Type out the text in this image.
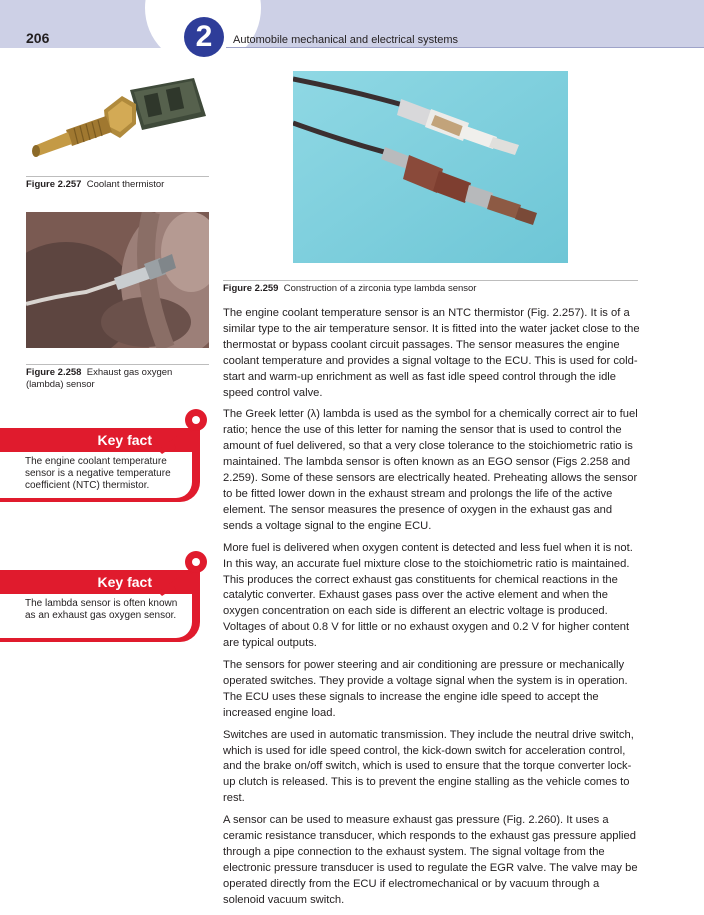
2
206	Automobile mechanical and electrical systems
Figure 2.257 Coolant thermistor
Figure 2.258 Exhaust gas oxygen (lambda) sensor
Figure 2.259 Construction of a zirconia type lambda sensor
Key fact
The engine coolant temperature sensor is a negative temperature coefficient (NTC) thermistor.
Key fact
The lambda sensor is often known as an exhaust gas oxygen sensor.

The engine coolant temperature sensor is an NTC thermistor (Fig. 2.257). It is of a similar type to the air temperature sensor. It is fitted into the water jacket close to the thermostat or bypass coolant circuit passages. The sensor measures the engine coolant temperature and provides a signal voltage to the ECU. This is used for cold-start and warm-up enrichment as well as fast idle speed control through the idle speed control valve.

The Greek letter (λ) lambda is used as the symbol for a chemically correct air to fuel ratio; hence the use of this letter for naming the sensor that is used to control the amount of fuel delivered, so that a very close tolerance to the stoichiometric ratio is maintained. The lambda sensor is often known as an EGO sensor (Figs 2.258 and 2.259). Some of these sensors are electrically heated. Preheating allows the sensor to be fitted lower down in the exhaust stream and prolongs the life of the active element. The sensor measures the presence of oxygen in the exhaust gas and sends a voltage signal to the engine ECU.

More fuel is delivered when oxygen content is detected and less fuel when it is not. In this way, an accurate fuel mixture close to the stoichiometric ratio is maintained. This produces the correct exhaust gas constituents for chemical reactions in the catalytic converter. Exhaust gases pass over the active element and when the oxygen concentration on each side is different an electric voltage is produced. Voltages of about 0.8 V for little or no exhaust oxygen and 0.2 V for higher content are typical outputs.

The sensors for power steering and air conditioning are pressure or mechanically operated switches. They provide a voltage signal when the system is in operation. The ECU uses these signals to increase the engine idle speed to accept the increased engine load.

Switches are used in automatic transmission. They include the neutral drive switch, which is used for idle speed control, the kick-down switch for acceleration control, and the brake on/off switch, which is used to ensure that the torque converter lock-up clutch is released. This is to prevent the engine stalling as the vehicle comes to rest.

A sensor can be used to measure exhaust gas pressure (Fig. 2.260). It uses a ceramic resistance transducer, which responds to the exhaust gas pressure applied through a pipe connection to the exhaust system. The signal voltage from the electronic pressure transducer is used to regulate the EGR valve. The valve may be operated directly from the ECU if electromechanical or by vacuum through a solenoid vacuum switch.
